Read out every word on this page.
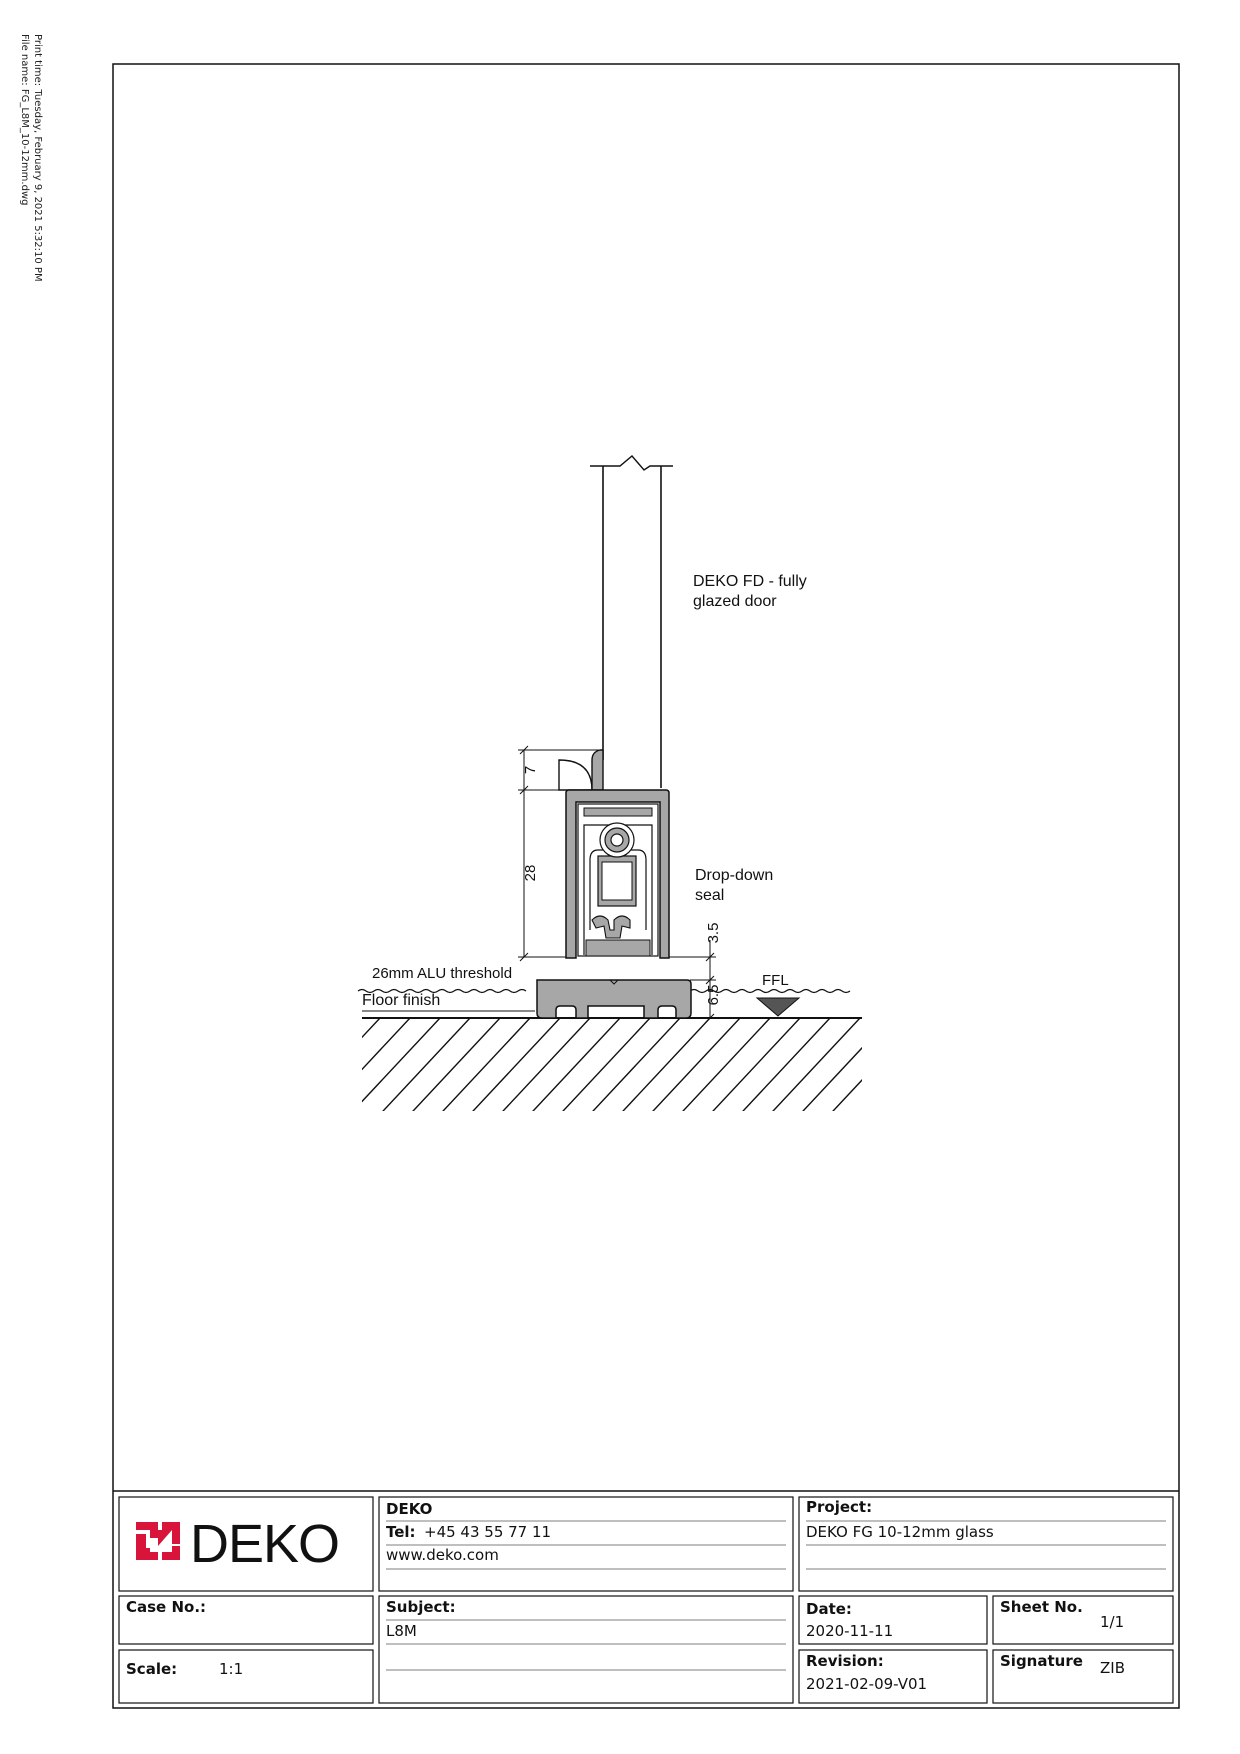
Print time: Tuesday, February 9, 2021 5:32:10 PM
File name: FG_L8M_10-12mm.dwg
DEKO FD - fully
glazed door
Drop-down
seal
26mm ALU threshold
Floor finish
FFL
7
28
3.5
6.5
DEKO
DEKO
Tel: +45 43 55 77 11
www.deko.com
Project:
DEKO FG 10-12mm glass
Case No.:	Subject:
L8M
Date:
2020-11-11
Sheet No.
1/1
Scale:	1:1	Revision:
2021-02-09-V01
Signature ZIB
